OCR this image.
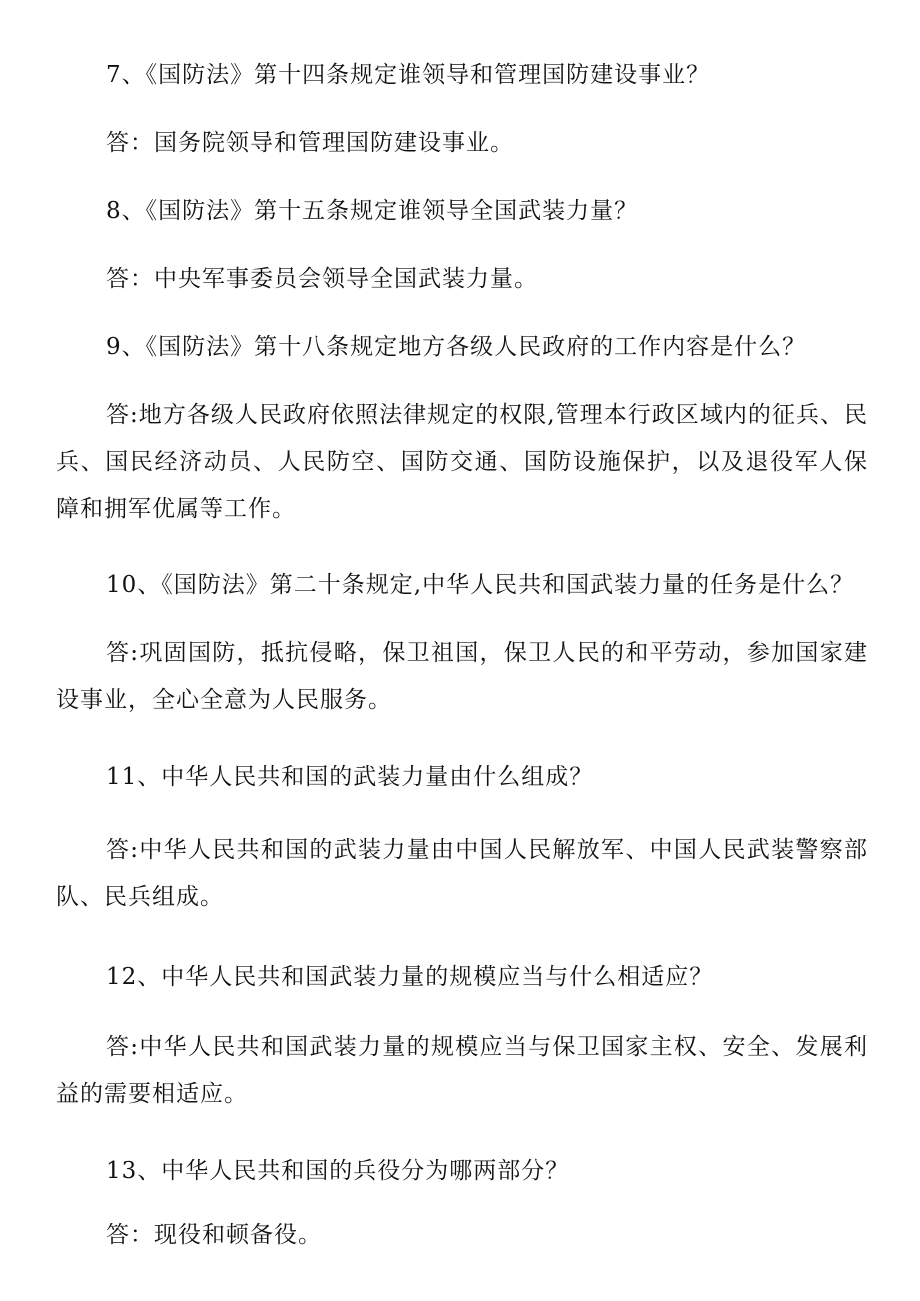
7、《国防法》第十四条规定谁领导和管理国防建设事业？

答：国务院领导和管理国防建设事业。

8、《国防法》第十五条规定谁领导全国武装力量？

答：中央军事委员会领导全国武装力量。

9、《国防法》第十八条规定地方各级人民政府的工作内容是什么？

答:地方各级人民政府依照法律规定的权限,管理本行政区域内的征兵、民兵、国民经济动员、人民防空、国防交通、国防设施保护，以及退役军人保障和拥军优属等工作。

10、《国防法》第二十条规定,中华人民共和国武装力量的任务是什么？

答:巩固国防，抵抗侵略，保卫祖国，保卫人民的和平劳动，参加国家建设事业，全心全意为人民服务。

11、中华人民共和国的武装力量由什么组成？

答:中华人民共和国的武装力量由中国人民解放军、中国人民武装警察部队、民兵组成。

12、中华人民共和国武装力量的规模应当与什么相适应？

答:中华人民共和国武装力量的规模应当与保卫国家主权、安全、发展利益的需要相适应。

13、中华人民共和国的兵役分为哪两部分？

答：现役和顿备役。
